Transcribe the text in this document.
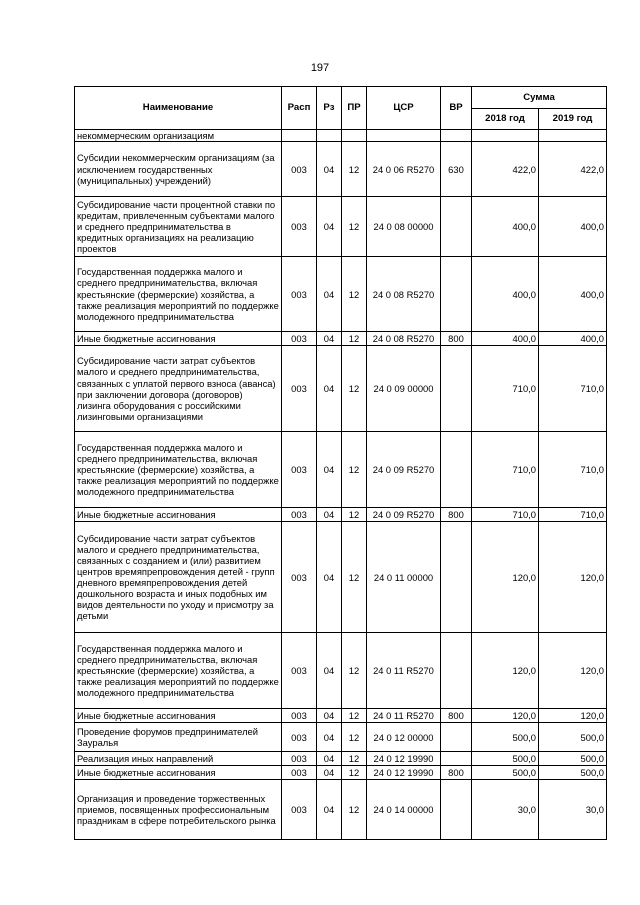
197
Наименование	Расп	Рз	ПР	ЦСР	ВР	Сумма	
						2018 год	2019 год
некоммерческим организациям							
Субсидии некоммерческим организациям (за исключением государственных (муниципальных) учреждений)	003	04	12	24 0 06 R5270	630	422,0	422,0
Субсидирование части процентной ставки по кредитам, привлеченным субъектами малого и среднего предпринимательства в кредитных организациях на реализацию проектов	003	04	12	24 0 08 00000		400,0	400,0
Государственная поддержка малого и среднего предпринимательства, включая крестьянские (фермерские) хозяйства, а также реализация мероприятий по поддержке молодежного предпринимательства	003	04	12	24 0 08 R5270		400,0	400,0
Иные бюджетные ассигнования	003	04	12	24 0 08 R5270	800	400,0	400,0
Субсидирование части затрат субъектов малого и среднего предпринимательства, связанных с уплатой первого взноса (аванса) при заключении договора (договоров) лизинга оборудования с российскими лизинговыми организациями	003	04	12	24 0 09 00000		710,0	710,0
Государственная поддержка малого и среднего предпринимательства, включая крестьянские (фермерские) хозяйства, а также реализация мероприятий по поддержке молодежного предпринимательства	003	04	12	24 0 09 R5270		710,0	710,0
Иные бюджетные ассигнования	003	04	12	24 0 09 R5270	800	710,0	710,0
Субсидирование части затрат субъектов малого и среднего предпринимательства, связанных с созданием и (или) развитием центров времяпрепровождения детей - групп дневного времяпрепровождения детей дошкольного возраста и иных подобных им видов деятельности по уходу и присмотру за детьми	003	04	12	24 0 11 00000		120,0	120,0
Государственная поддержка малого и среднего предпринимательства, включая крестьянские (фермерские) хозяйства, а также реализация мероприятий по поддержке молодежного предпринимательства	003	04	12	24 0 11 R5270		120,0	120,0
Иные бюджетные ассигнования	003	04	12	24 0 11 R5270	800	120,0	120,0
Проведение форумов предпринимателей Зауралья	003	04	12	24 0 12 00000		500,0	500,0
Реализация иных направлений	003	04	12	24 0 12 19990		500,0	500,0
Иные бюджетные ассигнования	003	04	12	24 0 12 19990	800	500,0	500,0
Организация и проведение торжественных приемов, посвященных профессиональным праздникам в сфере потребительского рынка	003	04	12	24 0 14 00000		30,0	30,0
